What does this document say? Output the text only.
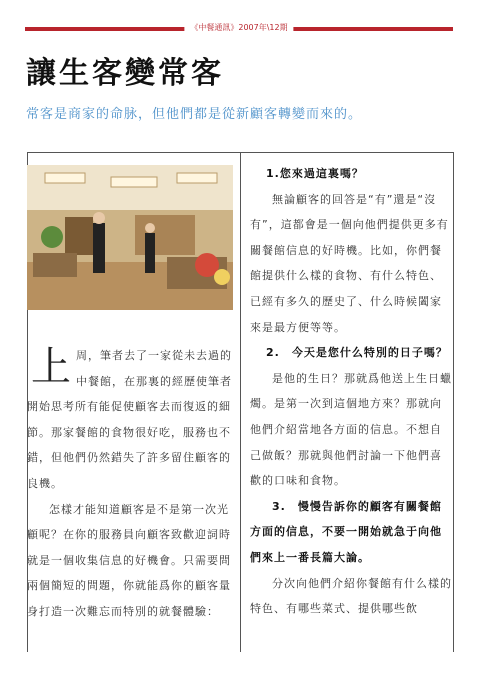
《中餐通訊》2007年\12期
讓生客變常客
常客是商家的命脉，但他們都是從新顧客轉變而來的。

上 周，筆者去了一家從未去過的
中餐館，在那裏的經歷使筆者
開始思考所有能促使顧客去而復返的細節。那家餐館的食物很好吃，服務也不錯，但他們仍然錯失了許多留住顧客的良機。

怎樣才能知道顧客是不是第一次光顧呢？在你的服務員向顧客致歡迎詞時就是一個收集信息的好機會。只需要問兩個簡短的問題，你就能爲你的顧客量身打造一次難忘而特別的就餐體驗：

1.您來過這裏嗎？

無論顧客的回答是“有”還是“沒有”，這都會是一個向他們提供更多有關餐館信息的好時機。比如，你們餐館提供什么樣的食物、有什么特色、已經有多久的歷史了、什么時候闔家來是最方便等等。

2.　今天是您什么特別的日子嗎？

是他的生日？那就爲他送上生日蠟燭。是第一次到這個地方來？那就向他們介紹當地各方面的信息。不想自己做飯？那就與他們討論一下他們喜歡的口味和食物。

3.　慢慢告訴你的顧客有關餐館方面的信息，不要一開始就急于向他們來上一番長篇大論。

分次向他們介紹你餐館有什么樣的特色、有哪些菜式、提供哪些飲
